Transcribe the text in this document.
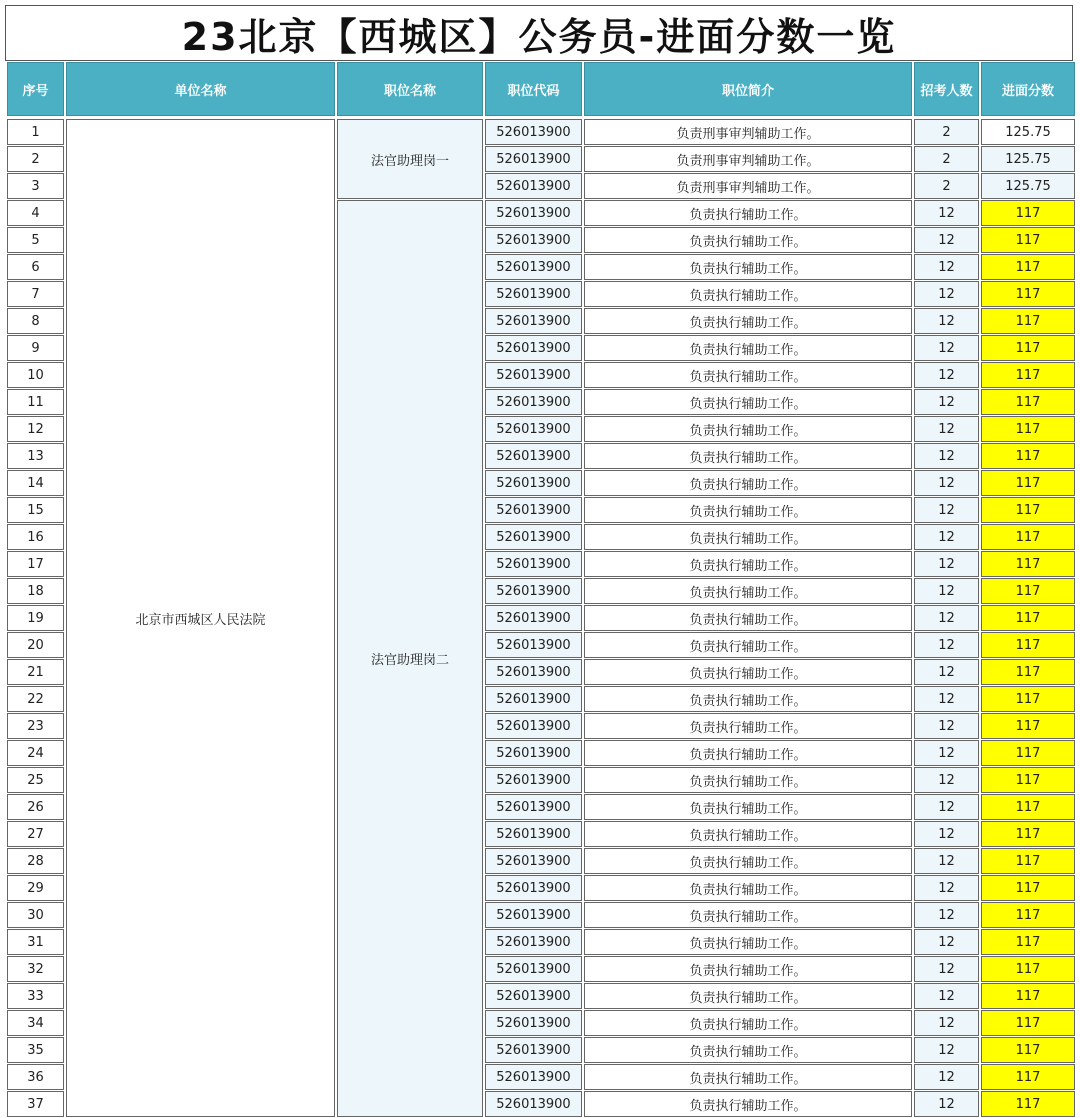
23北京【西城区】公务员-进面分数一览
序号	单位名称	职位名称	职位代码	职位简介	招考人数	进面分数

1	北京市西城区人民法院	法官助理岗一	526013900	负责刑事审判辅助工作。	2	125.75
2			526013900	负责刑事审判辅助工作。	2	125.75
3			526013900	负责刑事审判辅助工作。	2	125.75
4		法官助理岗二	526013900	负责执行辅助工作。	12	117
5			526013900	负责执行辅助工作。	12	117
6			526013900	负责执行辅助工作。	12	117
7			526013900	负责执行辅助工作。	12	117
8			526013900	负责执行辅助工作。	12	117
9			526013900	负责执行辅助工作。	12	117
10			526013900	负责执行辅助工作。	12	117
11			526013900	负责执行辅助工作。	12	117
12			526013900	负责执行辅助工作。	12	117
13			526013900	负责执行辅助工作。	12	117
14			526013900	负责执行辅助工作。	12	117
15			526013900	负责执行辅助工作。	12	117
16			526013900	负责执行辅助工作。	12	117
17			526013900	负责执行辅助工作。	12	117
18			526013900	负责执行辅助工作。	12	117
19			526013900	负责执行辅助工作。	12	117
20			526013900	负责执行辅助工作。	12	117
21			526013900	负责执行辅助工作。	12	117
22			526013900	负责执行辅助工作。	12	117
23			526013900	负责执行辅助工作。	12	117
24			526013900	负责执行辅助工作。	12	117
25			526013900	负责执行辅助工作。	12	117
26			526013900	负责执行辅助工作。	12	117
27			526013900	负责执行辅助工作。	12	117
28			526013900	负责执行辅助工作。	12	117
29			526013900	负责执行辅助工作。	12	117
30			526013900	负责执行辅助工作。	12	117
31			526013900	负责执行辅助工作。	12	117
32			526013900	负责执行辅助工作。	12	117
33			526013900	负责执行辅助工作。	12	117
34			526013900	负责执行辅助工作。	12	117
35			526013900	负责执行辅助工作。	12	117
36			526013900	负责执行辅助工作。	12	117
37			526013900	负责执行辅助工作。	12	117
